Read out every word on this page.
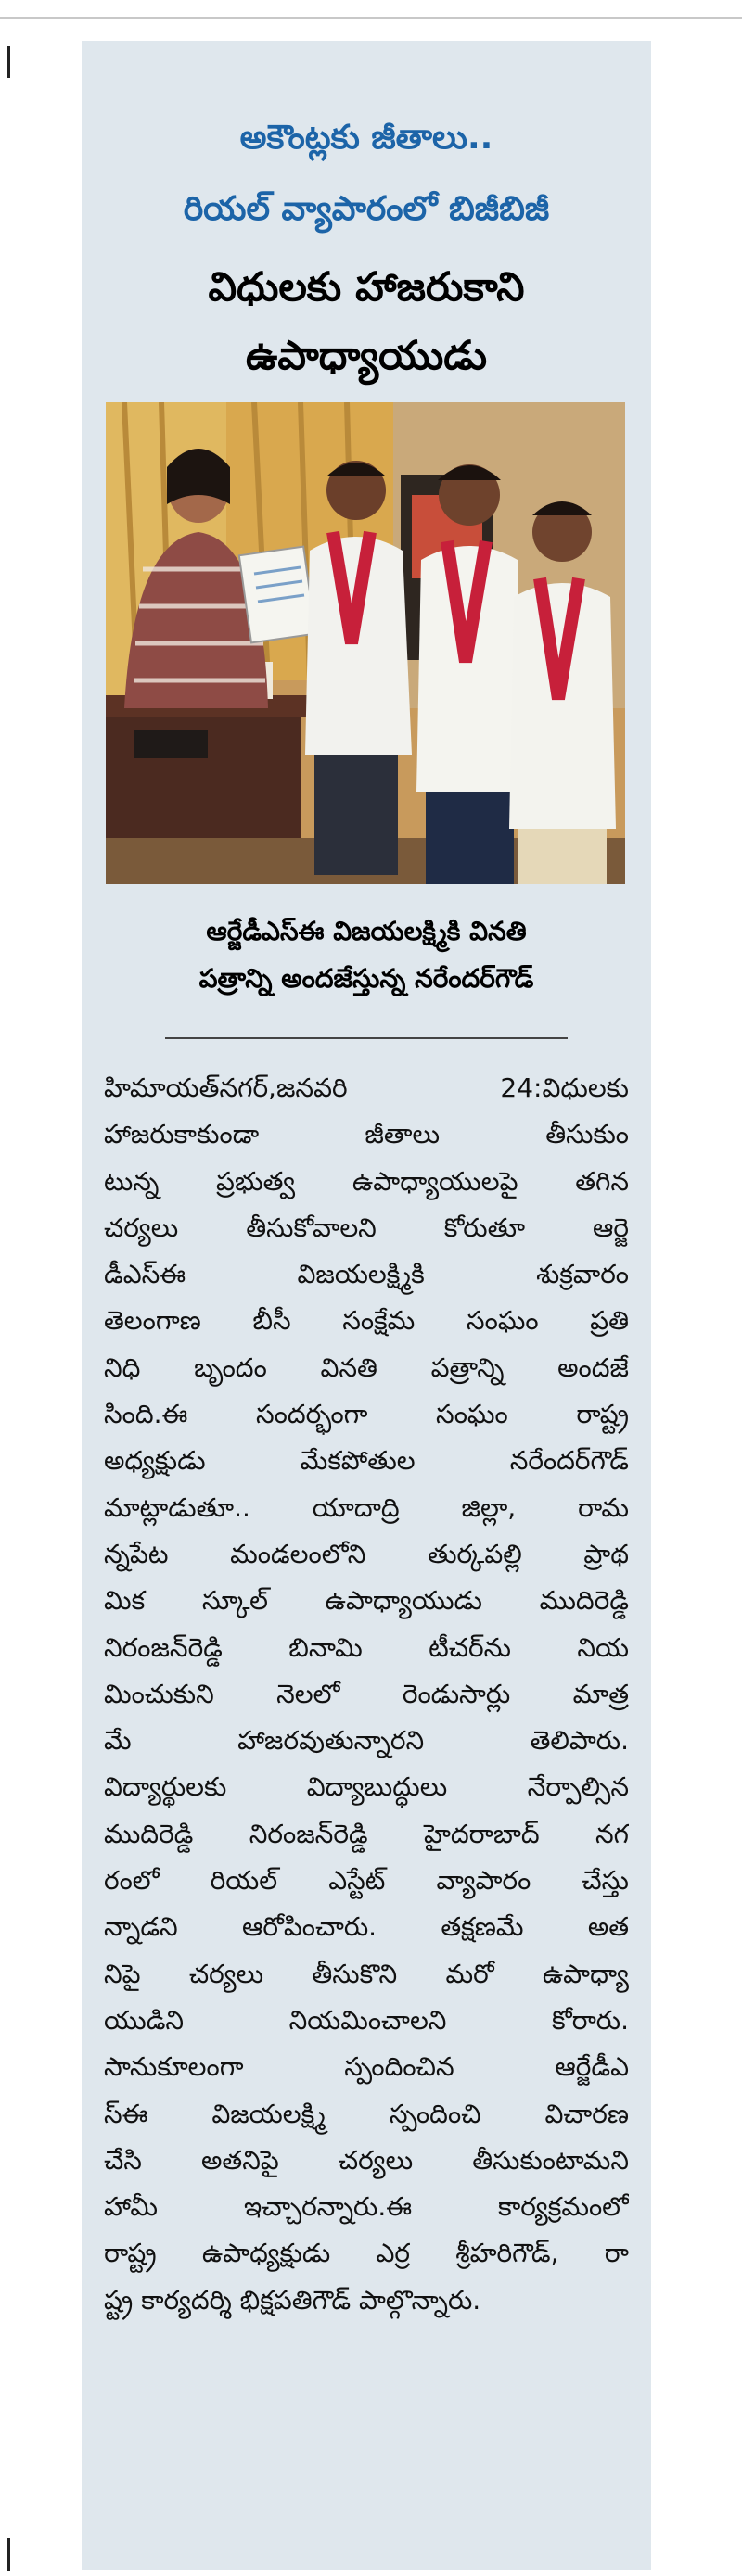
అకౌంట్లకు జీతాలు..
రియల్ వ్యాపారంలో బిజీబిజీ
విధులకు హాజరుకాని
ఉపాధ్యాయుడు
ఆర్జేడీఎస్ఈ విజయలక్ష్మికి వినతి
పత్రాన్ని అందజేస్తున్న నరేందర్‌గౌడ్
హిమాయత్‌నగర్,జనవరి 24:విధులకు
హాజరుకాకుండా జీతాలు తీసుకుం
టున్న ప్రభుత్వ ఉపాధ్యాయులపై తగిన
చర్యలు తీసుకోవాలని కోరుతూ ఆర్జె
డీఎస్ఈ విజయలక్ష్మికి శుక్రవారం
తెలంగాణ బీసీ సంక్షేమ సంఘం ప్రతి
నిధి బృందం వినతి పత్రాన్ని అందజే
సింది.ఈ సందర్భంగా సంఘం రాష్ట్ర
అధ్యక్షుడు మేకపోతుల నరేందర్‌గౌడ్
మాట్లాడుతూ.. యాదాద్రి జిల్లా, రామ
న్నపేట మండలంలోని తుర్కపల్లి ప్రాథ
మిక స్కూల్ ఉపాధ్యాయుడు ముదిరెడ్డి
నిరంజన్‌రెడ్డి బినామి టీచర్‌ను నియ
మించుకుని నెలలో రెండుసార్లు మాత్ర
మే హాజరవుతున్నారని తెలిపారు.
విద్యార్థులకు విద్యాబుద్ధులు నేర్పాల్సిన
ముదిరెడ్డి నిరంజన్‌రెడ్డి హైదరాబాద్ నగ
రంలో రియల్ ఎస్టేట్ వ్యాపారం చేస్తు
న్నాడని ఆరోపించారు. తక్షణమే అత
నిపై చర్యలు తీసుకొని మరో ఉపాధ్యా
యుడిని నియమించాలని కోరారు.
సానుకూలంగా స్పందించిన ఆర్జేడీఎ
స్ఈ విజయలక్ష్మి స్పందించి విచారణ
చేసి అతనిపై చర్యలు తీసుకుంటామని
హామీ ఇచ్చారన్నారు.ఈ కార్యక్రమంలో
రాష్ట్ర ఉపాధ్యక్షుడు ఎర్ర శ్రీహరిగౌడ్, రా
ష్ట్ర కార్యదర్శి భిక్షపతిగౌడ్ పాల్గొన్నారు.
